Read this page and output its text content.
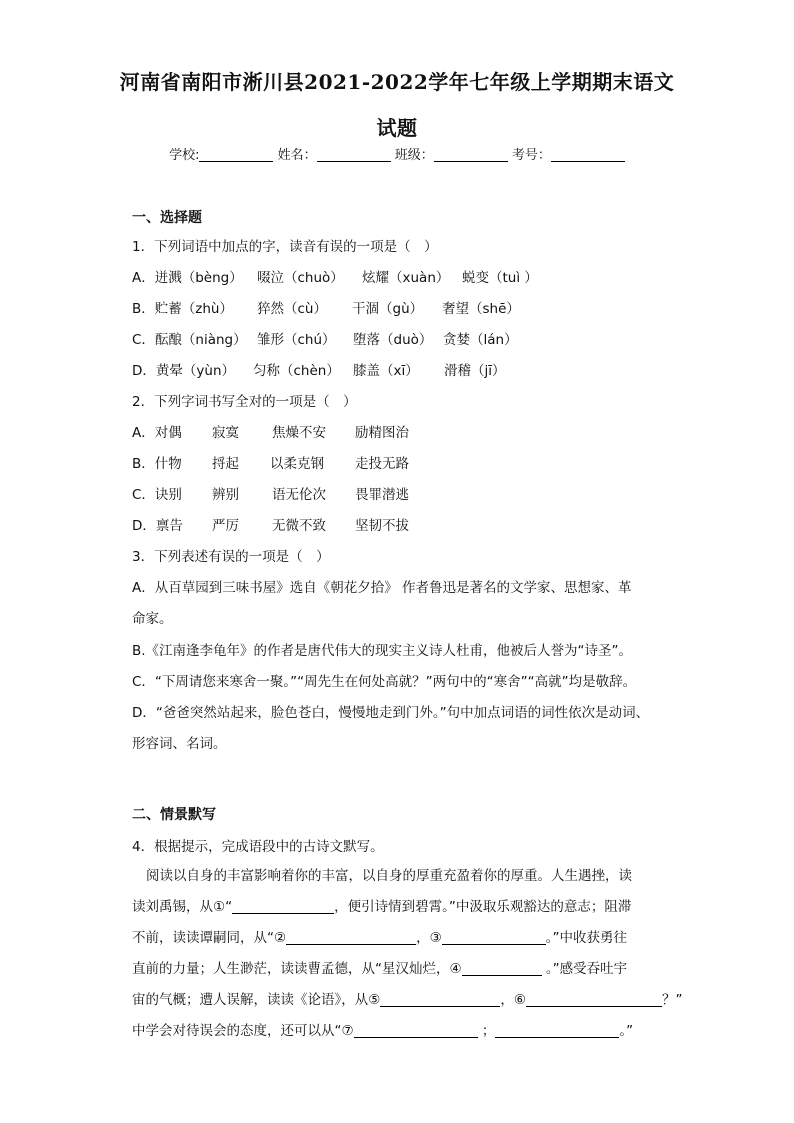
河南省南阳市淅川县2021-2022学年七年级上学期期末语文
试题
学校:	姓名：	班级：	考号：
一、选择题
1．下列词语中加点的字，读音有误的一项是（　）
A．迸溅（bèng） 啜泣（chuò） 炫耀（xuàn） 蜕变（tuì ）
B．贮蓄（zhù） 猝然（cù） 干涸（gù） 奢望（shē）
C．酝酿（niàng） 雏形（chú） 堕落（duò） 贪婪（lán）
D．黄晕（yùn） 匀称（chèn） 膝盖（xī） 滑稽（jī）
2．下列字词书写全对的一项是（　）
A．对偶 寂寞 焦燥不安 励精图治
B．什物 捋起 以柔克钢 走投无路
C．诀别 辨别 语无伦次 畏罪潜逃
D．禀告 严厉 无微不致 坚韧不拔
3．下列表述有误的一项是（　）
A．从百草园到三味书屋》选自《朝花夕拾》 作者鲁迅是著名的文学家、思想家、革
命家。
B.《江南逢李龟年》的作者是唐代伟大的现实主义诗人杜甫，他被后人誉为“诗圣”。
C．“下周请您来寒舍一聚。”“周先生在何处高就？”两句中的“寒舍”“高就”均是敬辞。
D．“爸爸突然站起来，脸色苍白，慢慢地走到门外。”句中加点词语的词性依次是动词、
形容词、名词。
二、情景默写
4．根据提示，完成语段中的古诗文默写。
阅读以自身的丰富影响着你的丰富，以自身的厚重充盈着你的厚重。人生遇挫，读
读刘禹锡，从①“	，便引诗情到碧霄。”中汲取乐观豁达的意志；阻滞
不前，读读谭嗣同，从“②	，③	。”中收获勇往
直前的力量；人生渺茫，读读曹孟德，从“星汉灿烂，④	。”感受吞吐宇
宙的气概；遭人误解，读读《论语》，从⑤	，⑥	？”
中学会对待误会的态度，还可以从“⑦	；	。”
